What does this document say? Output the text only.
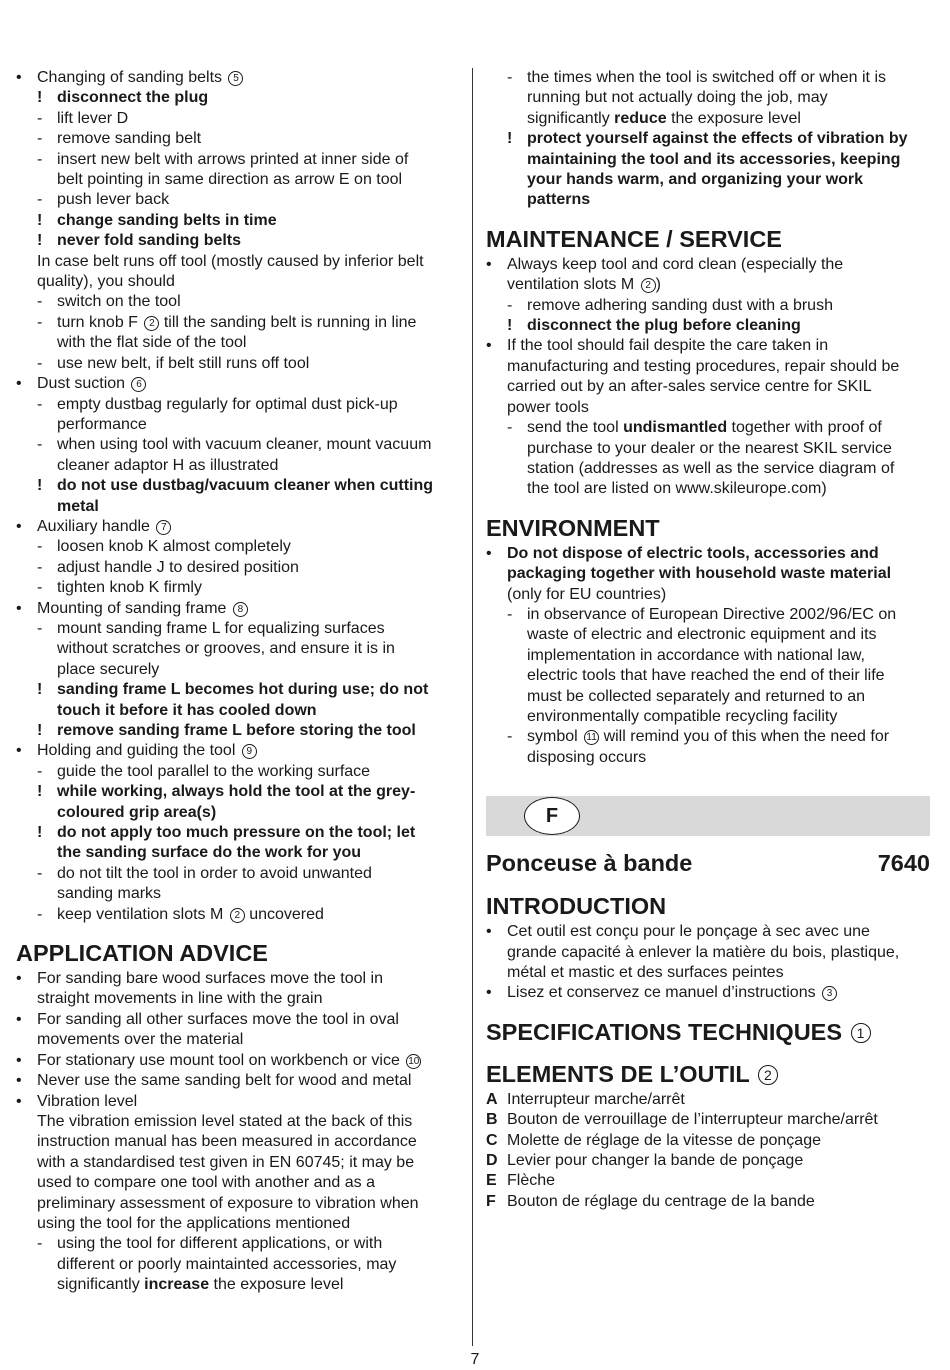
• Changing of sanding belts 5
! disconnect the plug
- lift lever D
- remove sanding belt
- insert new belt with arrows printed at inner side of
belt pointing in same direction as arrow E on tool
- push lever back
! change sanding belts in time
! never fold sanding belts
In case belt runs off tool (mostly caused by inferior belt
quality), you should
- switch on the tool
- turn knob F 2 till the sanding belt is running in line
with the flat side of the tool
- use new belt, if belt still runs off tool
• Dust suction 6
- empty dustbag regularly for optimal dust pick-up
performance
- when using tool with vacuum cleaner, mount vacuum
cleaner adaptor H as illustrated
! do not use dustbag/vacuum cleaner when cutting
metal
• Auxiliary handle 7
- loosen knob K almost completely
- adjust handle J to desired position
- tighten knob K firmly
• Mounting of sanding frame 8
- mount sanding frame L for equalizing surfaces
without scratches or grooves, and ensure it is in
place securely
! sanding frame L becomes hot during use; do not
touch it before it has cooled down
! remove sanding frame L before storing the tool
• Holding and guiding the tool 9
- guide the tool parallel to the working surface
! while working, always hold the tool at the grey-
coloured grip area(s)
! do not apply too much pressure on the tool; let
the sanding surface do the work for you
- do not tilt the tool in order to avoid unwanted
sanding marks
- keep ventilation slots M 2 uncovered
APPLICATION ADVICE
• For sanding bare wood surfaces move the tool in
straight movements in line with the grain
• For sanding all other surfaces move the tool in oval
movements over the material
• For stationary use mount tool on workbench or vice 10
• Never use the same sanding belt for wood and metal
• Vibration level
The vibration emission level stated at the back of this
instruction manual has been measured in accordance
with a standardised test given in EN 60745; it may be
used to compare one tool with another and as a
preliminary assessment of exposure to vibration when
using the tool for the applications mentioned
- using the tool for different applications, or with
different or poorly maintainted accessories, may
significantly increase the exposure level
- the times when the tool is switched off or when it is
running but not actually doing the job, may
significantly reduce the exposure level
! protect yourself against the effects of vibration by
maintaining the tool and its accessories, keeping
your hands warm, and organizing your work
patterns
MAINTENANCE / SERVICE
• Always keep tool and cord clean (especially the
ventilation slots M 2 )
- remove adhering sanding dust with a brush
! disconnect the plug before cleaning
• If the tool should fail despite the care taken in
manufacturing and testing procedures, repair should be
carried out by an after-sales service centre for SKIL
power tools
- send the tool undismantled together with proof of
purchase to your dealer or the nearest SKIL service
station (addresses as well as the service diagram of
the tool are listed on www.skileurope.com)
ENVIRONMENT
• Do not dispose of electric tools, accessories and
packaging together with household waste material
(only for EU countries)
- in observance of European Directive 2002/96/EC on
waste of electric and electronic equipment and its
implementation in accordance with national law,
electric tools that have reached the end of their life
must be collected separately and returned to an
environmentally compatible recycling facility
- symbol 11 will remind you of this when the need for
disposing occurs
F
Ponceuse à bande	7640
INTRODUCTION
• Cet outil est conçu pour le ponçage à sec avec une
grande capacité à enlever la matière du bois, plastique,
métal et mastic et des surfaces peintes
• Lisez et conservez ce manuel d’instructions 3
SPECIFICATIONS TECHNIQUES 1
ELEMENTS DE L’OUTIL 2
A Interrupteur marche/arrêt
B Bouton de verrouillage de l’interrupteur marche/arrêt
C Molette de réglage de la vitesse de ponçage
D Levier pour changer la bande de ponçage
E Flèche
F Bouton de réglage du centrage de la bande
7
